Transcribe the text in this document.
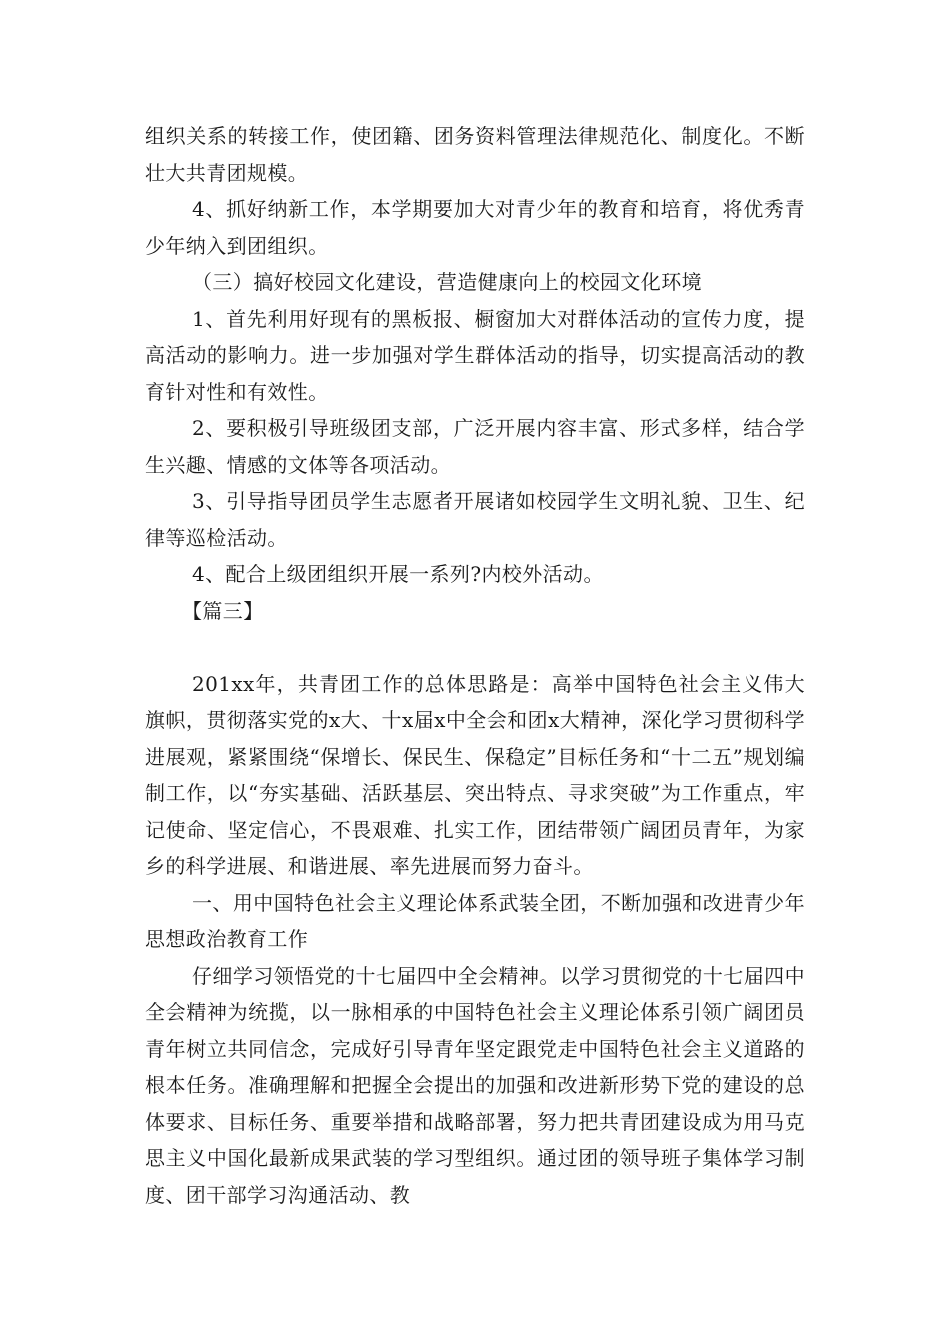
组织关系的转接工作，使团籍、团务资料管理法律规范化、制度化。不断壮大共青团规模。

4、抓好纳新工作，本学期要加大对青少年的教育和培育，将优秀青少年纳入到团组织。

（三）搞好校园文化建设，营造健康向上的校园文化环境

1、首先利用好现有的黑板报、橱窗加大对群体活动的宣传力度，提高活动的影响力。进一步加强对学生群体活动的指导，切实提高活动的教育针对性和有效性。

2、要积极引导班级团支部，广泛开展内容丰富、形式多样，结合学生兴趣、情感的文体等各项活动。

3、引导指导团员学生志愿者开展诸如校园学生文明礼貌、卫生、纪律等巡检活动。

4、配合上级团组织开展一系列?内校外活动。

【篇三】

201xx年，共青团工作的总体思路是：高举中国特色社会主义伟大旗帜，贯彻落实党的x大、十x届x中全会和团x大精神，深化学习贯彻科学进展观，紧紧围绕“保增长、保民生、保稳定”目标任务和“十二五”规划编制工作，以“夯实基础、活跃基层、突出特点、寻求突破”为工作重点，牢记使命、坚定信心，不畏艰难、扎实工作，团结带领广阔团员青年，为家乡的科学进展、和谐进展、率先进展而努力奋斗。

一、用中国特色社会主义理论体系武装全团，不断加强和改进青少年思想政治教育工作

仔细学习领悟党的十七届四中全会精神。以学习贯彻党的十七届四中全会精神为统揽，以一脉相承的中国特色社会主义理论体系引领广阔团员青年树立共同信念，完成好引导青年坚定跟党走中国特色社会主义道路的根本任务。准确理解和把握全会提出的加强和改进新形势下党的建设的总体要求、目标任务、重要举措和战略部署，努力把共青团建设成为用马克思主义中国化最新成果武装的学习型组织。通过团的领导班子集体学习制度、团干部学习沟通活动、教
